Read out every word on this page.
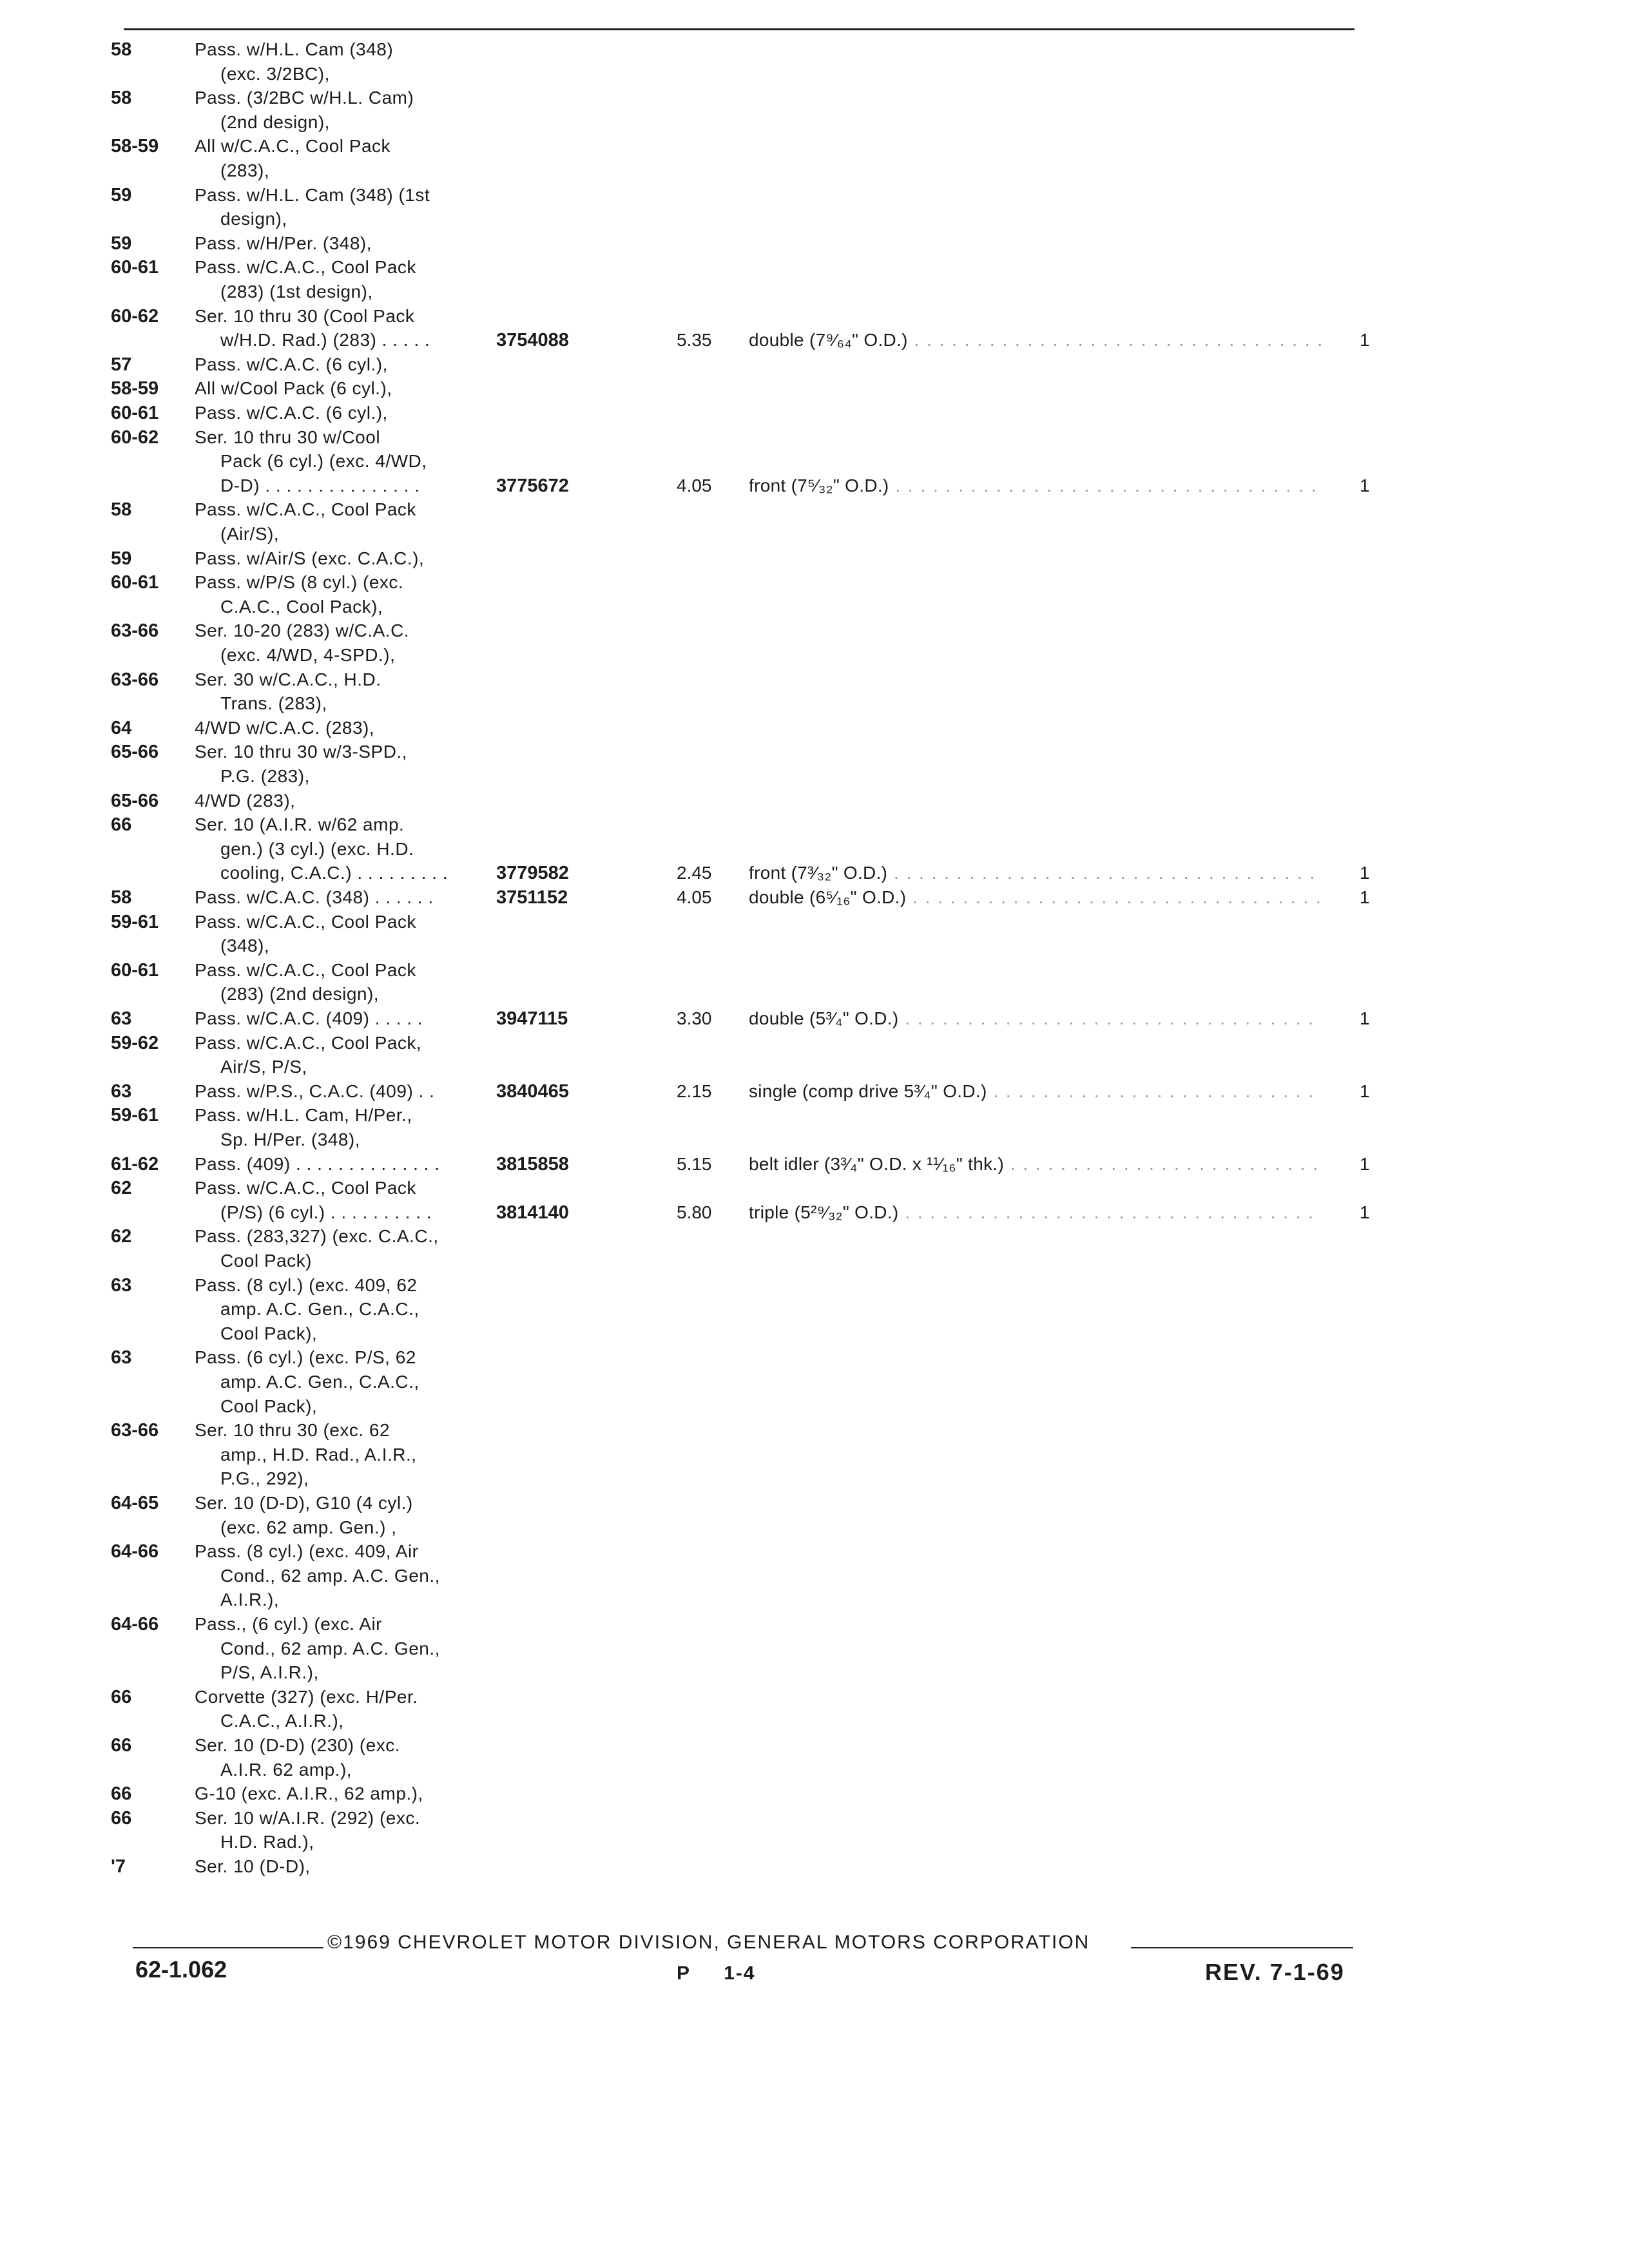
58	Pass. w/H.L. Cam (348)
(exc. 3/2BC),
58	Pass. (3/2BC w/H.L. Cam)
(2nd design),
58-59 All w/C.A.C., Cool Pack
(283),
59	Pass. w/H.L. Cam (348) (1st
design),
59	Pass. w/H/Per. (348),
60-61 Pass. w/C.A.C., Cool Pack
(283) (1st design),
60-62 Ser. 10 thru 30 (Cool Pack
w/H.D. Rad.) (283) . . . . .	3754088	5.35 double (7⁹⁄₆₄" O.D.) . . .	1
57	Pass. w/C.A.C. (6 cyl.),
58-59 All w/Cool Pack (6 cyl.),
60-61 Pass. w/C.A.C. (6 cyl.),
60-62 Ser. 10 thru 30 w/Cool
Pack (6 cyl.) (exc. 4/WD,
D-D) . . . . . . . . . . . . . . .	3775672	4.05 front (7⁵⁄₃₂" O.D.) . . .	1
58	Pass. w/C.A.C., Cool Pack
(Air/S),
59	Pass. w/Air/S (exc. C.A.C.),
60-61 Pass. w/P/S (8 cyl.) (exc.
C.A.C., Cool Pack),
63-66 Ser. 10-20 (283) w/C.A.C.
(exc. 4/WD, 4-SPD.),
63-66 Ser. 30 w/C.A.C., H.D.
Trans. (283),
64	4/WD w/C.A.C. (283),
65-66 Ser. 10 thru 30 w/3-SPD.,
P.G. (283),
65-66 4/WD (283),
66	Ser. 10 (A.I.R. w/62 amp.
gen.) (3 cyl.) (exc. H.D.
cooling, C.A.C.) . . . . . . . . .	3779582	2.45 front (7³⁄₃₂" O.D.) . . .	1
58	Pass. w/C.A.C. (348) . . . . . .	3751152	4.05 double (6⁵⁄₁₆" O.D.) . . .	1
59-61 Pass. w/C.A.C., Cool Pack
(348),
60-61 Pass. w/C.A.C., Cool Pack
(283) (2nd design),
63	Pass. w/C.A.C. (409) . . . . .	3947115	3.30 double (5³⁄₄" O.D.) . . .	1
59-62 Pass. w/C.A.C., Cool Pack,
Air/S, P/S,
63	Pass. w/P.S., C.A.C. (409) . .	3840465	2.15 single (comp drive 5³⁄₄" O.D.) . . .	1
59-61 Pass. w/H.L. Cam, H/Per.,
Sp. H/Per. (348),
61-62 Pass. (409) . . . . . . . . . . . . . .	3815858	5.15 belt idler (3³⁄₄" O.D. x ¹¹⁄₁₆" thk.) . . .	1
62	Pass. w/C.A.C., Cool Pack
(P/S) (6 cyl.) . . . . . . . . . .	3814140	5.80 triple (5²⁹⁄₃₂" O.D.) . . .	1
62	Pass. (283,327) (exc. C.A.C.,
Cool Pack)
63	Pass. (8 cyl.) (exc. 409, 62
amp. A.C. Gen., C.A.C.,
Cool Pack),
63	Pass. (6 cyl.) (exc. P/S, 62
amp. A.C. Gen., C.A.C.,
Cool Pack),
63-66 Ser. 10 thru 30 (exc. 62
amp., H.D. Rad., A.I.R.,
P.G., 292),
64-65 Ser. 10 (D-D), G10 (4 cyl.)
(exc. 62 amp. Gen.) ,
64-66 Pass. (8 cyl.) (exc. 409, Air
Cond., 62 amp. A.C. Gen.,
A.I.R.),
64-66 Pass., (6 cyl.) (exc. Air
Cond., 62 amp. A.C. Gen.,
P/S, A.I.R.),
66	Corvette (327) (exc. H/Per.
C.A.C., A.I.R.),
66	Ser. 10 (D-D) (230) (exc.
A.I.R. 62 amp.),
66	G-10 (exc. A.I.R., 62 amp.),
66	Ser. 10 w/A.I.R. (292) (exc.
H.D. Rad.),
'7	Ser. 10 (D-D),
©1969 CHEVROLET MOTOR DIVISION, GENERAL MOTORS CORPORATION
62-1.062	P     1-4	REV. 7-1-69
